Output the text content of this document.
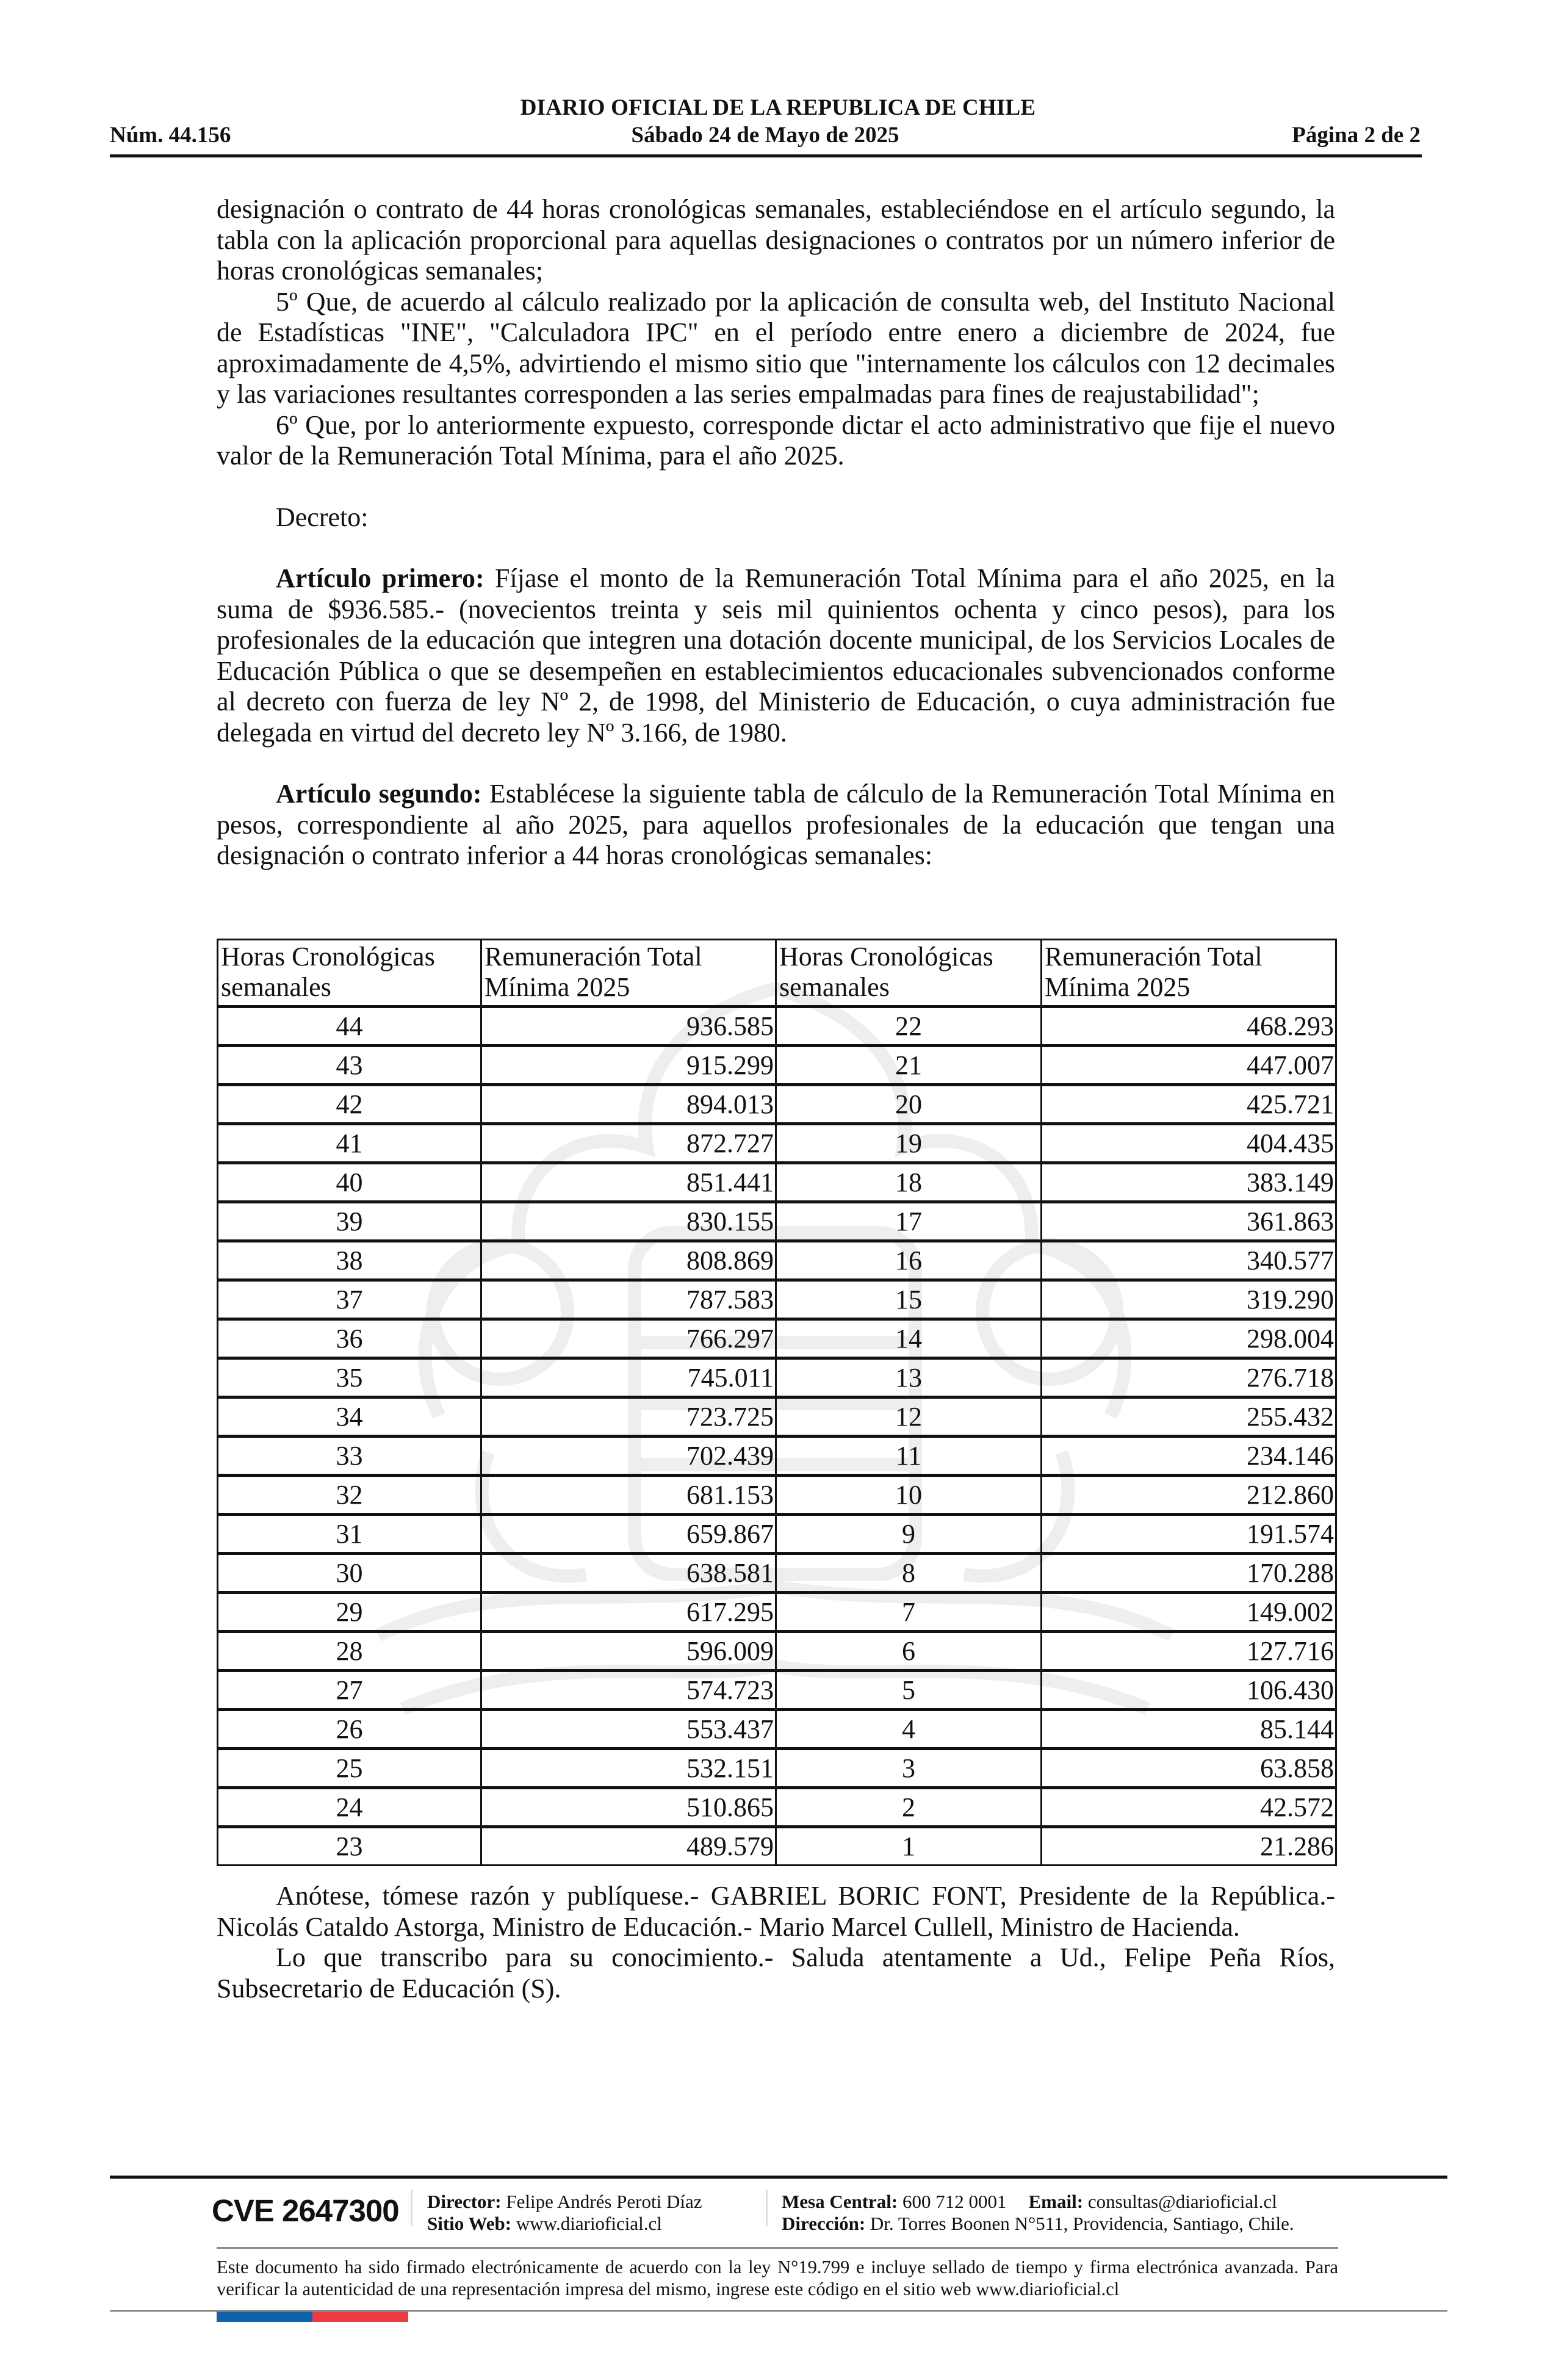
DIARIO OFICIAL DE LA REPUBLICA DE CHILE
Núm. 44.156	Sábado 24 de Mayo de 2025	Página 2 de 2

designación o contrato de 44 horas cronológicas semanales, estableciéndose en el artículo segundo, la tabla con la aplicación proporcional para aquellas designaciones o contratos por un número inferior de horas cronológicas semanales;

5º Que, de acuerdo al cálculo realizado por la aplicación de consulta web, del Instituto Nacional de Estadísticas "INE", "Calculadora IPC" en el período entre enero a diciembre de 2024, fue aproximadamente de 4,5%, advirtiendo el mismo sitio que "internamente los cálculos con 12 decimales y las variaciones resultantes corresponden a las series empalmadas para fines de reajustabilidad";

6º Que, por lo anteriormente expuesto, corresponde dictar el acto administrativo que fije el nuevo valor de la Remuneración Total Mínima, para el año 2025.

Decreto:

Artículo primero: Fíjase el monto de la Remuneración Total Mínima para el año 2025, en la suma de $936.585.- (novecientos treinta y seis mil quinientos ochenta y cinco pesos), para los profesionales de la educación que integren una dotación docente municipal, de los Servicios Locales de Educación Pública o que se desempeñen en establecimientos educacionales subvencionados conforme al decreto con fuerza de ley Nº 2, de 1998, del Ministerio de Educación, o cuya administración fue delegada en virtud del decreto ley Nº 3.166, de 1980.

Artículo segundo: Establécese la siguiente tabla de cálculo de la Remuneración Total Mínima en pesos, correspondiente al año 2025, para aquellos profesionales de la educación que tengan una designación o contrato inferior a 44 horas cronológicas semanales:

Horas Cronológicas semanales	Remuneración Total Mínima 2025	Horas Cronológicas semanales	Remuneración Total Mínima 2025
44	936.585	22	468.293
43	915.299	21	447.007
42	894.013	20	425.721
41	872.727	19	404.435
40	851.441	18	383.149
39	830.155	17	361.863
38	808.869	16	340.577
37	787.583	15	319.290
36	766.297	14	298.004
35	745.011	13	276.718
34	723.725	12	255.432
33	702.439	11	234.146
32	681.153	10	212.860
31	659.867	9	191.574
30	638.581	8	170.288
29	617.295	7	149.002
28	596.009	6	127.716
27	574.723	5	106.430
26	553.437	4	85.144
25	532.151	3	63.858
24	510.865	2	42.572
23	489.579	1	21.286

Anótese, tómese razón y publíquese.- GABRIEL BORIC FONT, Presidente de la República.- Nicolás Cataldo Astorga, Ministro de Educación.- Mario Marcel Cullell, Ministro de Hacienda.

Lo que transcribo para su conocimiento.- Saluda atentamente a Ud., Felipe Peña Ríos, Subsecretario de Educación (S).

CVE 2647300 Director: Felipe Andrés Peroti Díaz
Sitio Web: www.diarioficial.cl
Mesa Central: 600 712 0001 Email: consultas@diarioficial.cl
Dirección: Dr. Torres Boonen N°511, Providencia, Santiago, Chile.
Este documento ha sido firmado electrónicamente de acuerdo con la ley N°19.799 e incluye sellado de tiempo y firma electrónica avanzada. Para verificar la autenticidad de una representación impresa del mismo, ingrese este código en el sitio web www.diarioficial.cl
